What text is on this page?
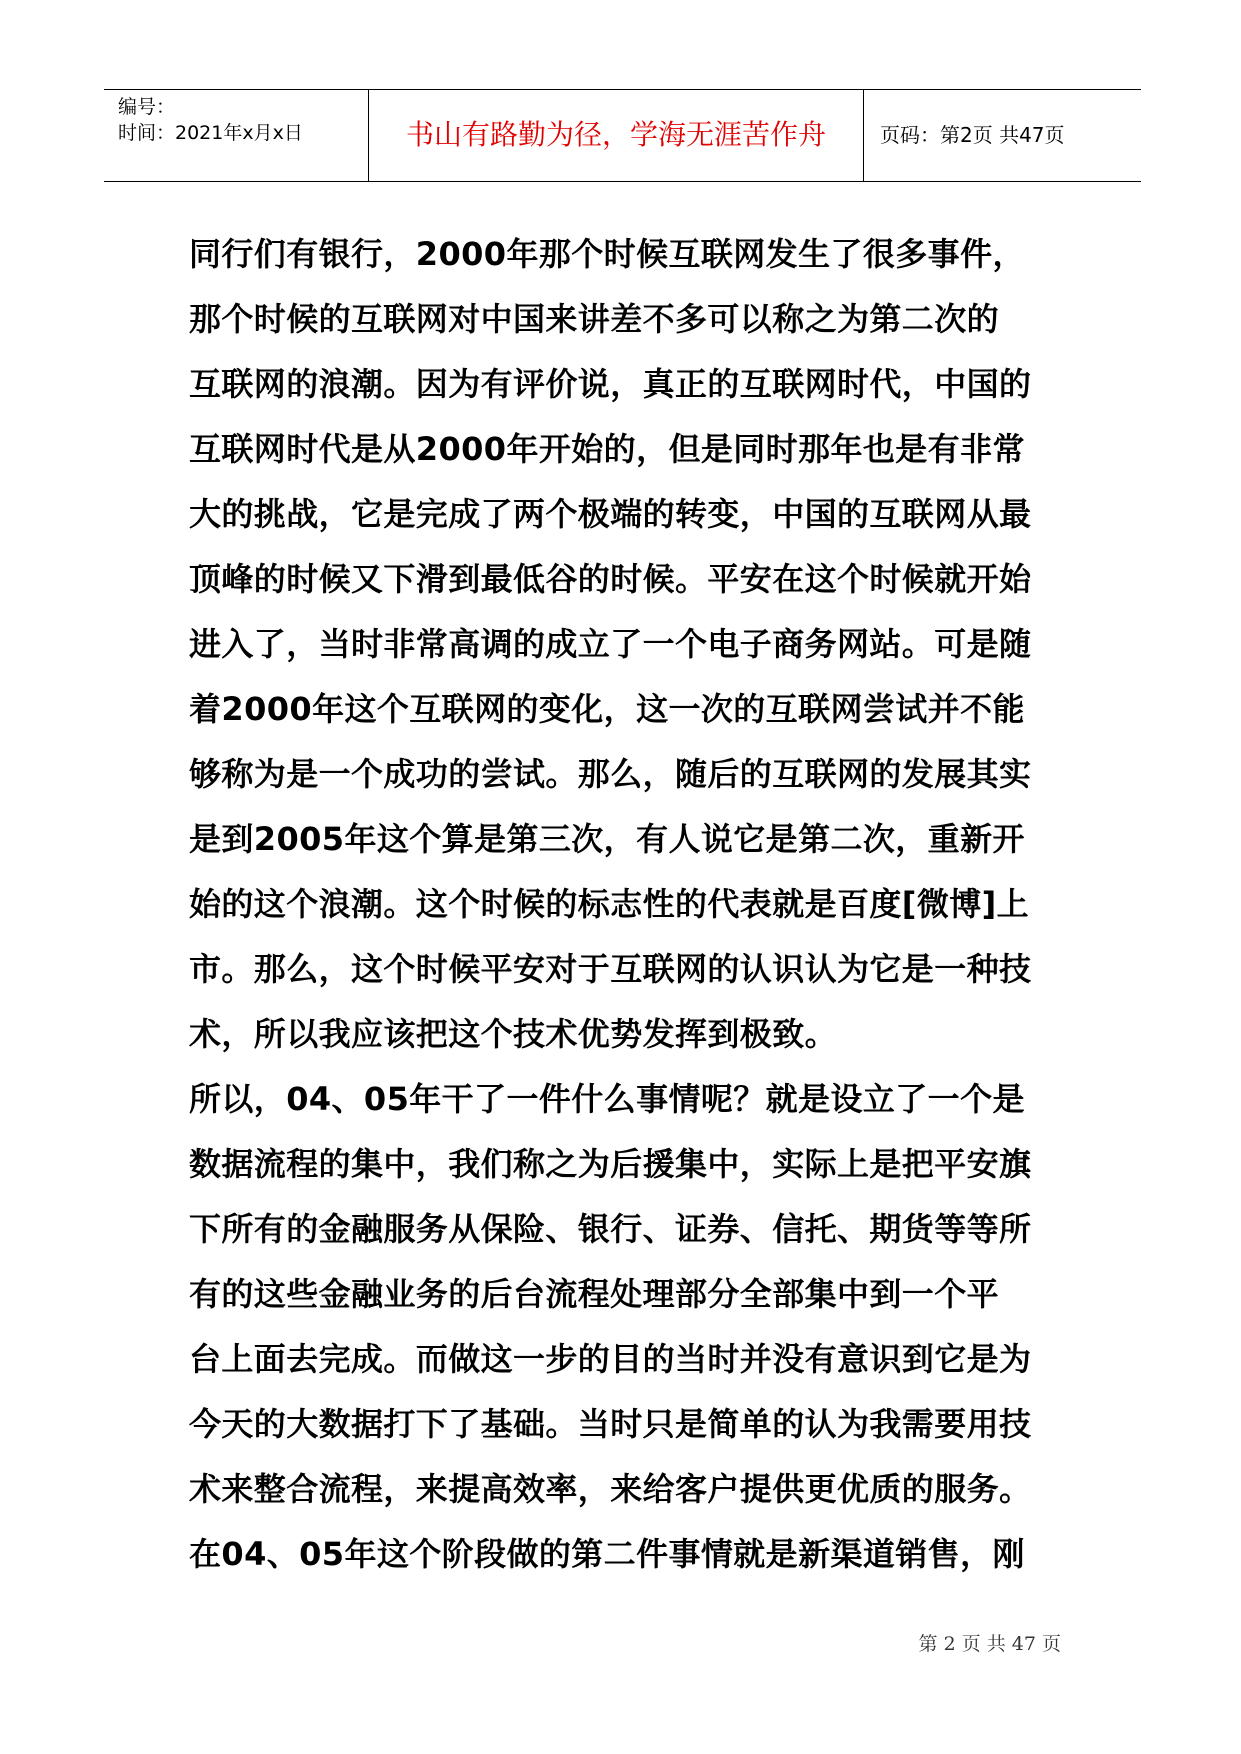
编号：
时间：2021年x月x日	书山有路勤为径，学海无涯苦作舟	页码：第2页 共47页
同行们有银行，2000年那个时候互联网发生了很多事件，
那个时候的互联网对中国来讲差不多可以称之为第二次的
互联网的浪潮。因为有评价说，真正的互联网时代，中国的
互联网时代是从2000年开始的，但是同时那年也是有非常
大的挑战，它是完成了两个极端的转变，中国的互联网从最
顶峰的时候又下滑到最低谷的时候。平安在这个时候就开始
进入了，当时非常高调的成立了一个电子商务网站。可是随
着2000年这个互联网的变化，这一次的互联网尝试并不能
够称为是一个成功的尝试。那么，随后的互联网的发展其实
是到2005年这个算是第三次，有人说它是第二次，重新开
始的这个浪潮。这个时候的标志性的代表就是百度[微博]上
市。那么，这个时候平安对于互联网的认识认为它是一种技
术，所以我应该把这个技术优势发挥到极致。
所以，04、05年干了一件什么事情呢？就是设立了一个是
数据流程的集中，我们称之为后援集中，实际上是把平安旗
下所有的金融服务从保险、银行、证券、信托、期货等等所
有的这些金融业务的后台流程处理部分全部集中到一个平
台上面去完成。而做这一步的目的当时并没有意识到它是为
今天的大数据打下了基础。当时只是简单的认为我需要用技
术来整合流程，来提高效率，来给客户提供更优质的服务。
在04、05年这个阶段做的第二件事情就是新渠道销售，刚
第 2 页 共 47 页
